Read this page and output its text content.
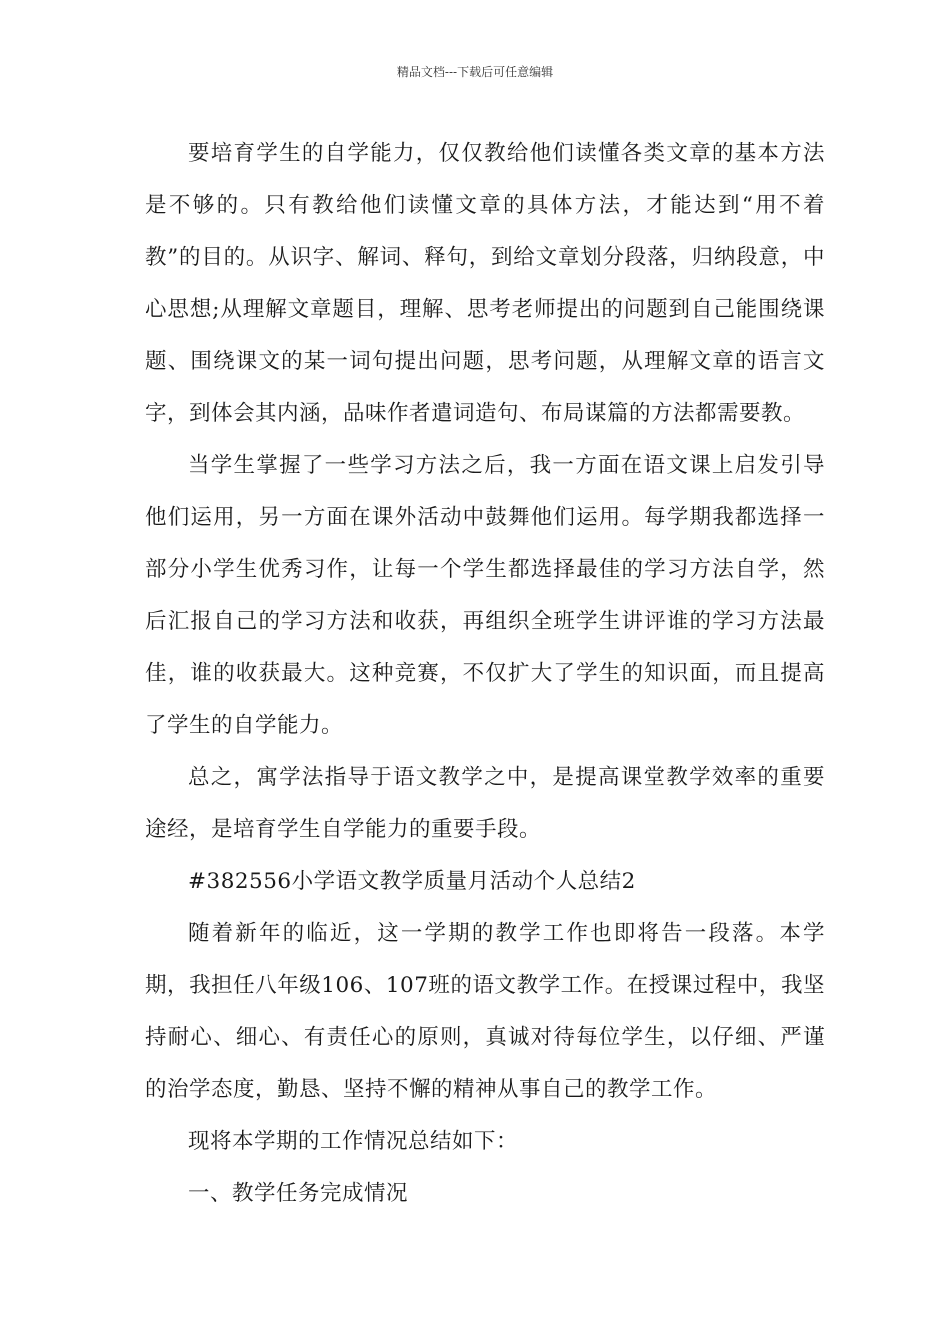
精品文档---下载后可任意编辑

要培育学生的自学能力，仅仅教给他们读懂各类文章的基本方法是不够的。只有教给他们读懂文章的具体方法，才能达到“用不着教”的目的。从识字、解词、释句，到给文章划分段落，归纳段意，中心思想;从理解文章题目，理解、思考老师提出的问题到自己能围绕课题、围绕课文的某一词句提出问题，思考问题，从理解文章的语言文字，到体会其内涵，品味作者遣词造句、布局谋篇的方法都需要教。

当学生掌握了一些学习方法之后，我一方面在语文课上启发引导他们运用，另一方面在课外活动中鼓舞他们运用。每学期我都选择一部分小学生优秀习作，让每一个学生都选择最佳的学习方法自学，然后汇报自己的学习方法和收获，再组织全班学生讲评谁的学习方法最佳，谁的收获最大。这种竞赛，不仅扩大了学生的知识面，而且提高了学生的自学能力。

总之，寓学法指导于语文教学之中，是提高课堂教学效率的重要途经，是培育学生自学能力的重要手段。

#382556小学语文教学质量月活动个人总结2

随着新年的临近，这一学期的教学工作也即将告一段落。本学期，我担任八年级106、107班的语文教学工作。在授课过程中，我坚持耐心、细心、有责任心的原则，真诚对待每位学生，以仔细、严谨的治学态度，勤恳、坚持不懈的精神从事自己的教学工作。

现将本学期的工作情况总结如下：

一、教学任务完成情况
